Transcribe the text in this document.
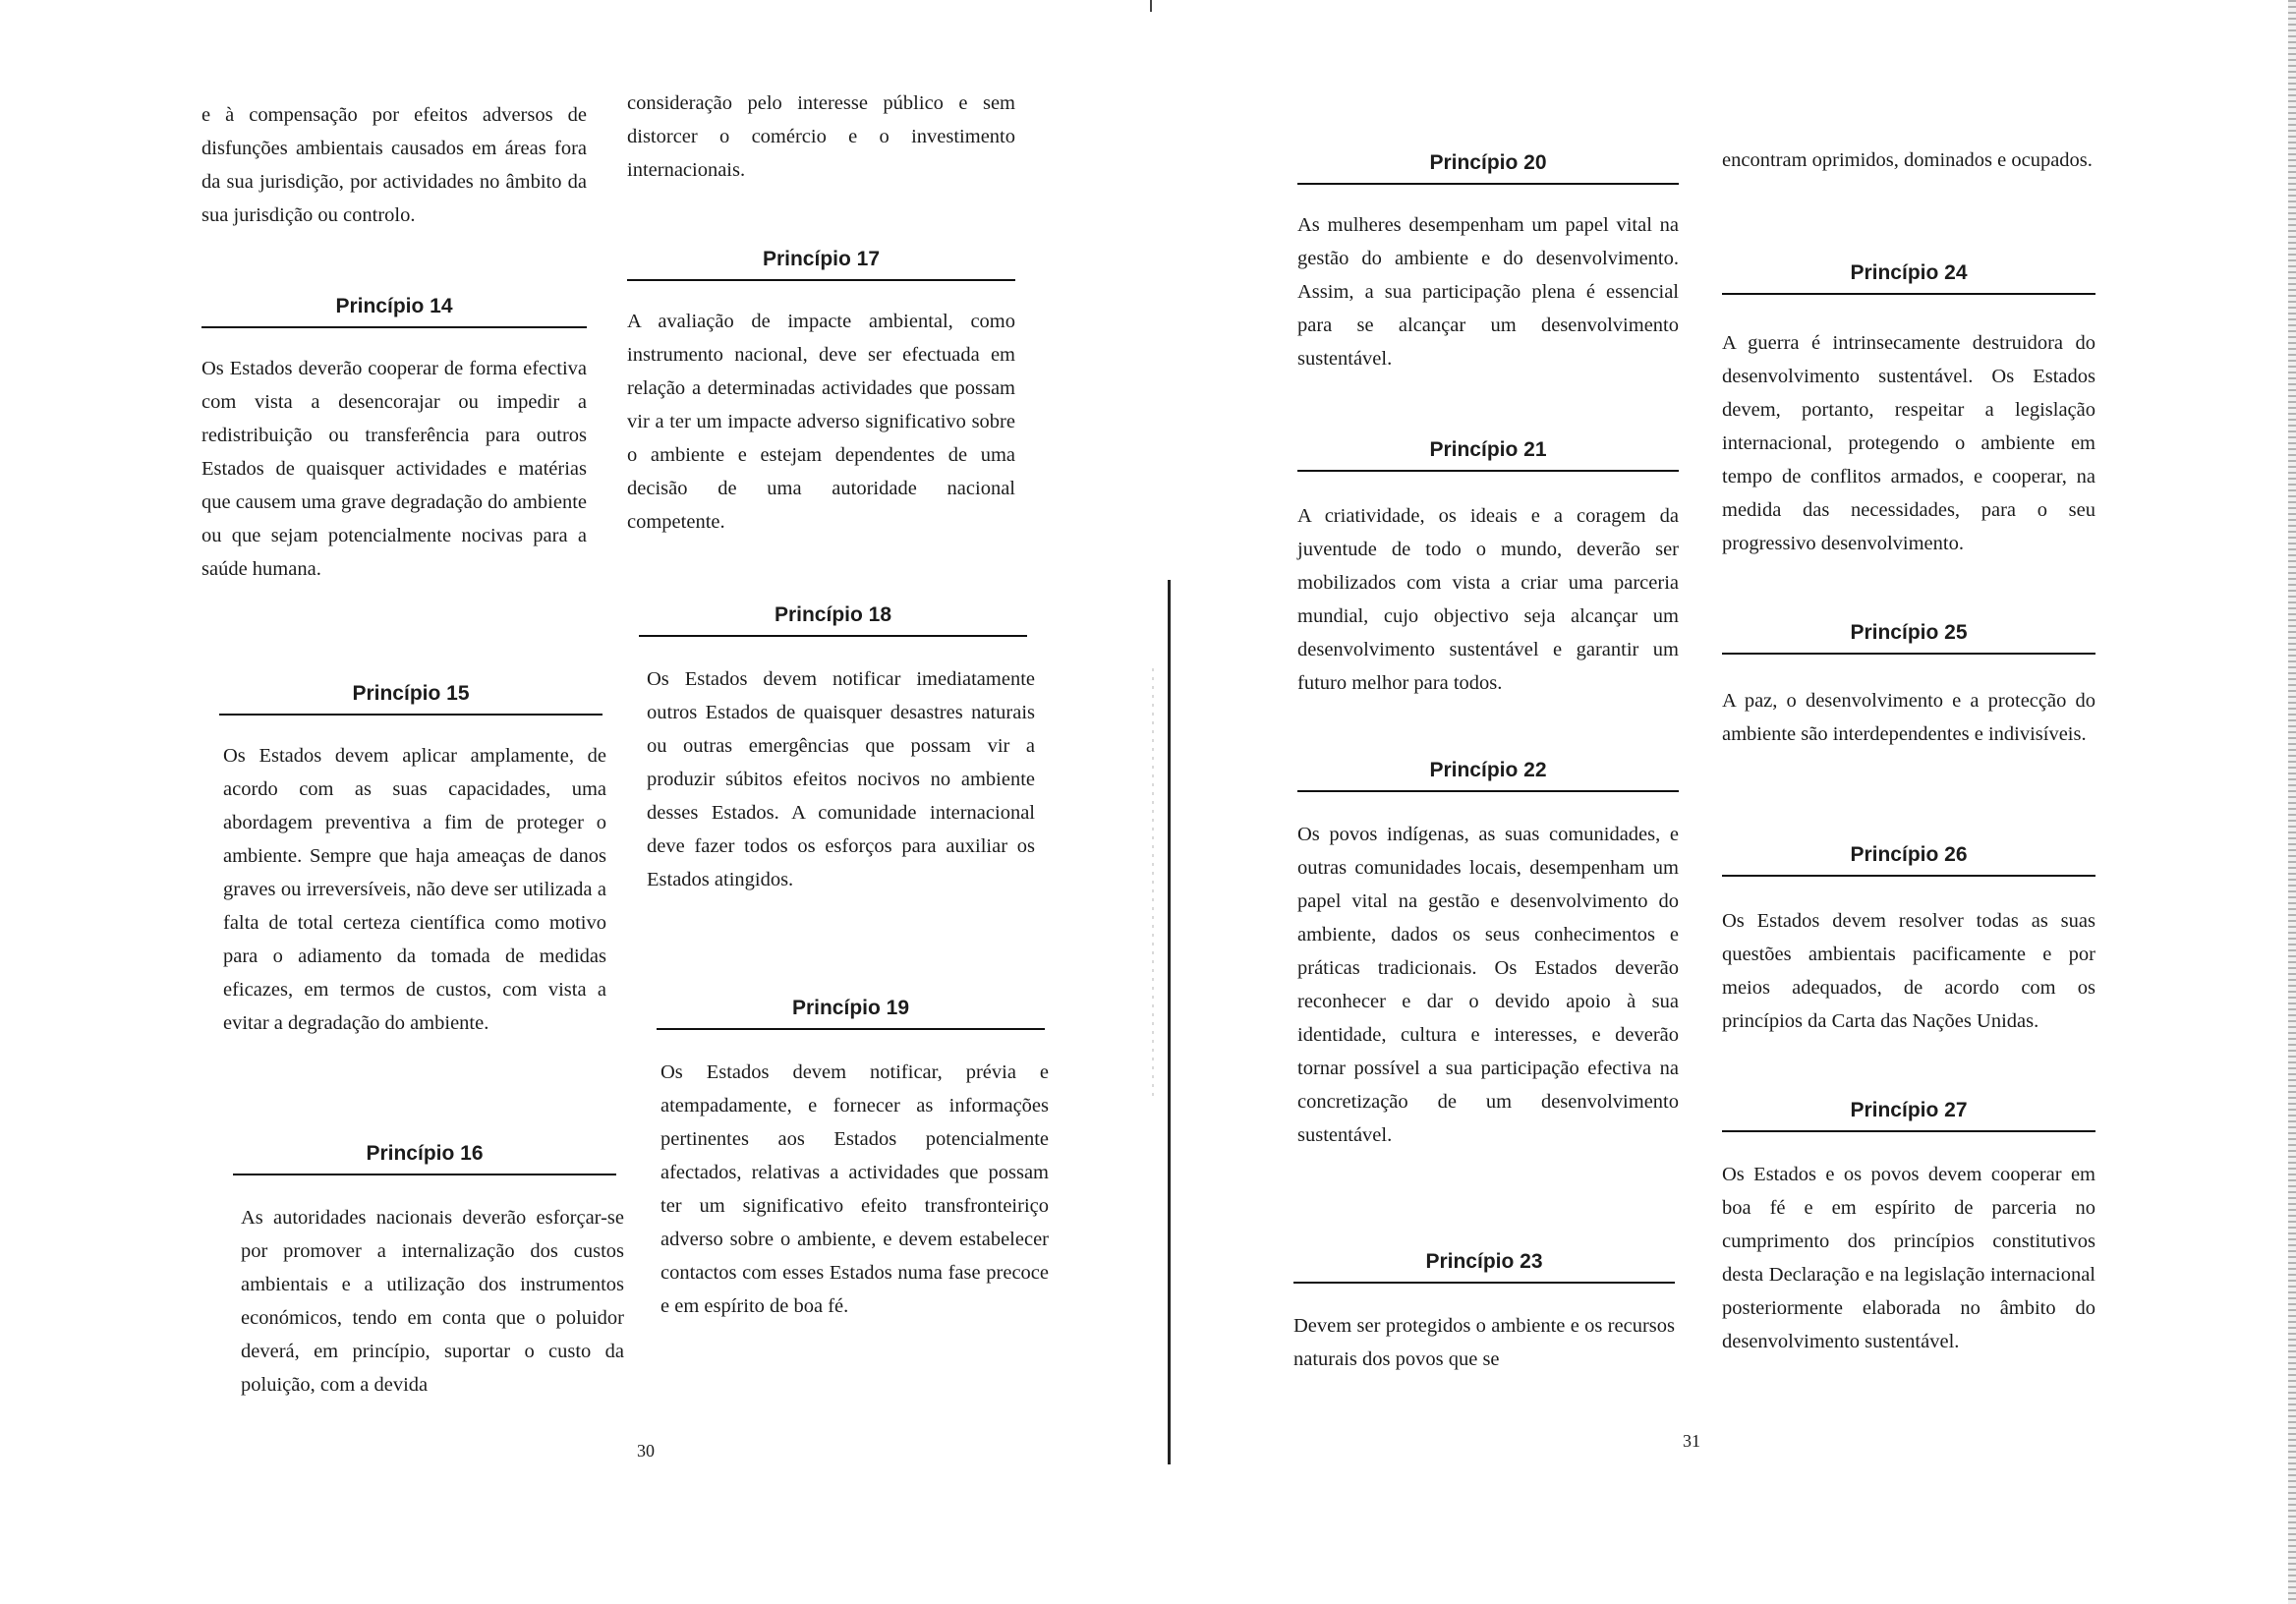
e à compensação por efeitos adversos de disfunções ambientais causados em áreas fora da sua jurisdição, por actividades no âmbito da sua jurisdição ou controlo.
Princípio 14
Os Estados deverão cooperar de forma efectiva com vista a desencorajar ou impedir a redistribuição ou transferência para outros Estados de quaisquer actividades e matérias que causem uma grave degradação do ambiente ou que sejam potencialmente nocivas para a saúde humana.
Princípio 15
Os Estados devem aplicar amplamente, de acordo com as suas capacidades, uma abordagem preventiva a fim de proteger o ambiente. Sempre que haja ameaças de danos graves ou irreversíveis, não deve ser utilizada a falta de total certeza científica como motivo para o adiamento da tomada de medidas eficazes, em termos de custos, com vista a evitar a degradação do ambiente.
Princípio 16
As autoridades nacionais deverão esforçar-se por promover a internalização dos custos ambientais e a utilização dos instrumentos económicos, tendo em conta que o poluidor deverá, em princípio, suportar o custo da poluição, com a devida
consideração pelo interesse público e sem distorcer o comércio e o investimento internacionais.
Princípio 17
A avaliação de impacte ambiental, como instrumento nacional, deve ser efectuada em relação a determinadas actividades que possam vir a ter um impacte adverso significativo sobre o ambiente e estejam dependentes de uma decisão de uma autoridade nacional competente.
Princípio 18
Os Estados devem notificar imediatamente outros Estados de quaisquer desastres naturais ou outras emergências que possam vir a produzir súbitos efeitos nocivos no ambiente desses Estados. A comunidade internacional deve fazer todos os esforços para auxiliar os Estados atingidos.
Princípio 19
Os Estados devem notificar, prévia e atempadamente, e fornecer as informações pertinentes aos Estados potencialmente afectados, relativas a actividades que possam ter um significativo efeito transfronteiriço adverso sobre o ambiente, e devem estabelecer contactos com esses Estados numa fase precoce e em espírito de boa fé.
30
Princípio 20
As mulheres desempenham um papel vital na gestão do ambiente e do desenvolvimento. Assim, a sua participação plena é essencial para se alcançar um desenvolvimento sustentável.
Princípio 21
A criatividade, os ideais e a coragem da juventude de todo o mundo, deverão ser mobilizados com vista a criar uma parceria mundial, cujo objectivo seja alcançar um desenvolvimento sustentável e garantir um futuro melhor para todos.
Princípio 22
Os povos indígenas, as suas comunidades, e outras comunidades locais, desempenham um papel vital na gestão e desenvolvimento do ambiente, dados os seus conhecimentos e práticas tradicionais. Os Estados deverão reconhecer e dar o devido apoio à sua identidade, cultura e interesses, e deverão tornar possível a sua participação efectiva na concretização de um desenvolvimento sustentável.
Princípio 23
Devem ser protegidos o ambiente e os recursos naturais dos povos que se
encontram oprimidos, dominados e ocupados.
Princípio 24
A guerra é intrinsecamente destruidora do desenvolvimento sustentável. Os Estados devem, portanto, respeitar a legislação internacional, protegendo o ambiente em tempo de conflitos armados, e cooperar, na medida das necessidades, para o seu progressivo desenvolvimento.
Princípio 25
A paz, o desenvolvimento e a protecção do ambiente são interdependentes e indivisíveis.
Princípio 26
Os Estados devem resolver todas as suas questões ambientais pacificamente e por meios adequados, de acordo com os princípios da Carta das Nações Unidas.
Princípio 27
Os Estados e os povos devem cooperar em boa fé e em espírito de parceria no cumprimento dos princípios constitutivos desta Declaração e na legislação internacional posteriormente elaborada no âmbito do desenvolvimento sustentável.
31
